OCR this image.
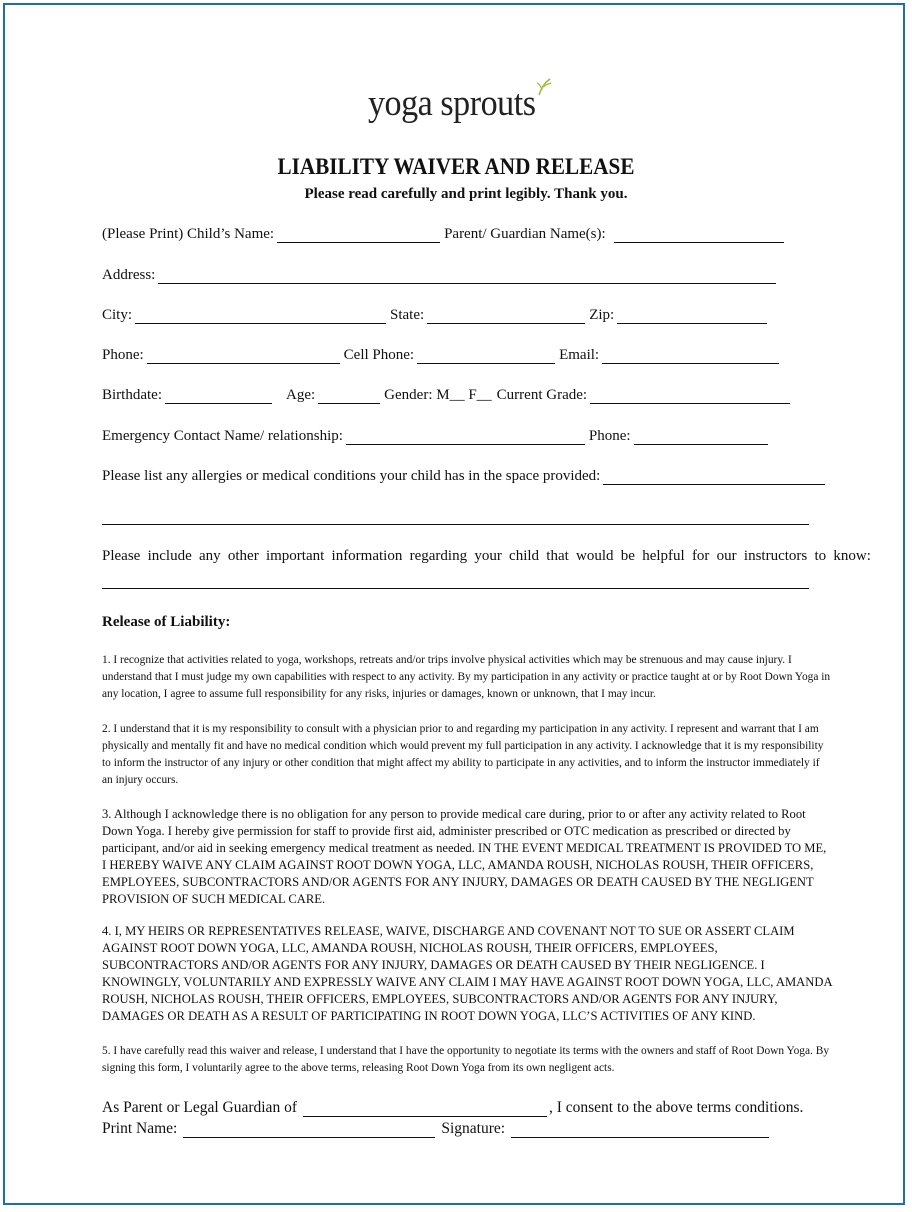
yoga sprouts
LIABILITY WAIVER AND RELEASE
Please read carefully and print legibly. Thank you.
(Please Print) Child’s Name:	Parent/ Guardian Name(s):
Address:
City:	State:	Zip:
Phone:	Cell Phone:	Email:
Birthdate:	Age:	Gender: M__ F__ Current Grade:
Emergency Contact Name/ relationship:	Phone:
Please list any allergies or medical conditions your child has in the space provided:
Please include any other important information regarding your child that would be helpful for our instructors to know:
Release of Liability:
1. I recognize that activities related to yoga, workshops, retreats and/or trips involve physical activities which may be strenuous and may cause injury. I understand that I must judge my own capabilities with respect to any activity. By my participation in any activity or practice taught at or by Root Down Yoga in any location, I agree to assume full responsibility for any risks, injuries or damages, known or unknown, that I may incur.
2. I understand that it is my responsibility to consult with a physician prior to and regarding my participation in any activity. I represent and warrant that I am physically and mentally fit and have no medical condition which would prevent my full participation in any activity. I acknowledge that it is my responsibility to inform the instructor of any injury or other condition that might affect my ability to participate in any activities, and to inform the instructor immediately if an injury occurs.
3. Although I acknowledge there is no obligation for any person to provide medical care during, prior to or after any activity related to Root Down Yoga. I hereby give permission for staff to provide first aid, administer prescribed or OTC medication as prescribed or directed by participant, and/or aid in seeking emergency medical treatment as needed. IN THE EVENT MEDICAL TREATMENT IS PROVIDED TO ME, I HEREBY WAIVE ANY CLAIM AGAINST ROOT DOWN YOGA, LLC, AMANDA ROUSH, NICHOLAS ROUSH, THEIR OFFICERS, EMPLOYEES, SUBCONTRACTORS AND/OR AGENTS FOR ANY INJURY, DAMAGES OR DEATH CAUSED BY THE NEGLIGENT PROVISION OF SUCH MEDICAL CARE.
4. I, MY HEIRS OR REPRESENTATIVES RELEASE, WAIVE, DISCHARGE AND COVENANT NOT TO SUE OR ASSERT CLAIM AGAINST ROOT DOWN YOGA, LLC, AMANDA ROUSH, NICHOLAS ROUSH, THEIR OFFICERS, EMPLOYEES, SUBCONTRACTORS AND/OR AGENTS FOR ANY INJURY, DAMAGES OR DEATH CAUSED BY THEIR NEGLIGENCE. I KNOWINGLY, VOLUNTARILY AND EXPRESSLY WAIVE ANY CLAIM I MAY HAVE AGAINST ROOT DOWN YOGA, LLC, AMANDA ROUSH, NICHOLAS ROUSH, THEIR OFFICERS, EMPLOYEES, SUBCONTRACTORS AND/OR AGENTS FOR ANY INJURY, DAMAGES OR DEATH AS A RESULT OF PARTICIPATING IN ROOT DOWN YOGA, LLC’S ACTIVITIES OF ANY KIND.
5. I have carefully read this waiver and release, I understand that I have the opportunity to negotiate its terms with the owners and staff of Root Down Yoga. By signing this form, I voluntarily agree to the above terms, releasing Root Down Yoga from its own negligent acts.
As Parent or Legal Guardian of	, I consent to the above terms conditions.
Print Name:	Signature:
